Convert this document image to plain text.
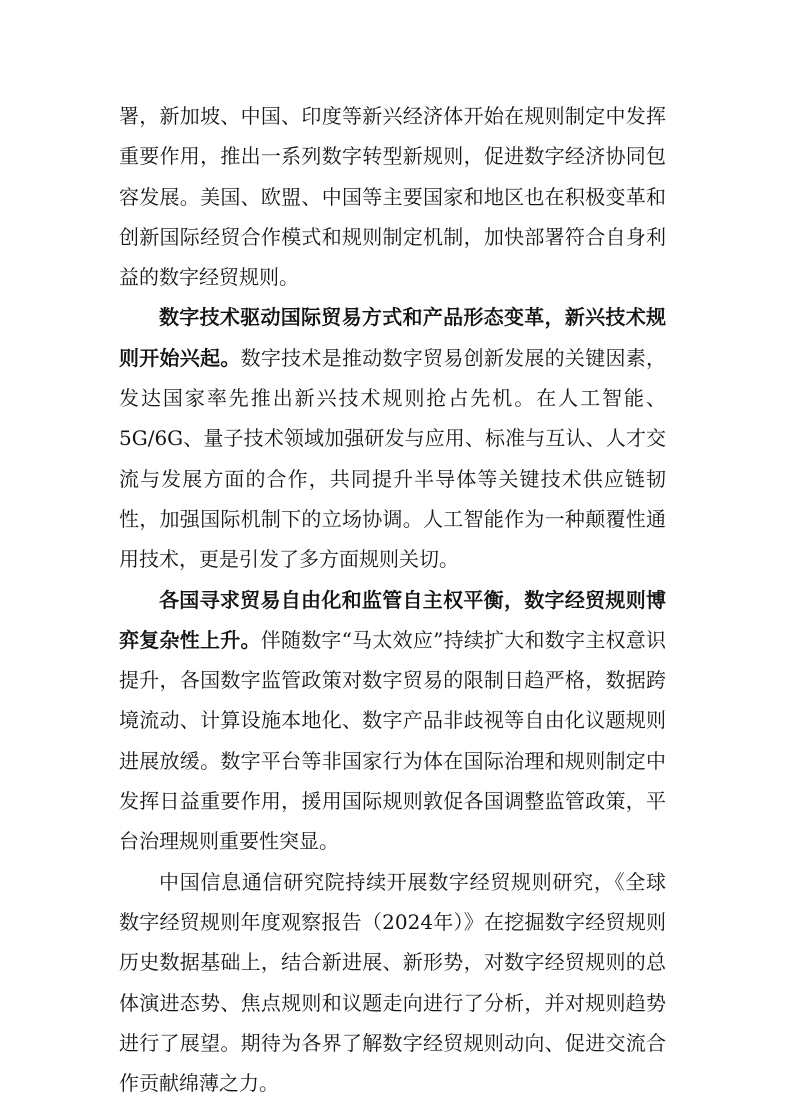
署，新加坡、中国、印度等新兴经济体开始在规则制定中发挥重要作用，推出一系列数字转型新规则，促进数字经济协同包容发展。美国、欧盟、中国等主要国家和地区也在积极变革和创新国际经贸合作模式和规则制定机制，加快部署符合自身利益的数字经贸规则。

数字技术驱动国际贸易方式和产品形态变革，新兴技术规则开始兴起。数字技术是推动数字贸易创新发展的关键因素，发达国家率先推出新兴技术规则抢占先机。在人工智能、5G/6G、量子技术领域加强研发与应用、标准与互认、人才交流与发展方面的合作，共同提升半导体等关键技术供应链韧性，加强国际机制下的立场协调。人工智能作为一种颠覆性通用技术，更是引发了多方面规则关切。

各国寻求贸易自由化和监管自主权平衡，数字经贸规则博弈复杂性上升。伴随数字“马太效应”持续扩大和数字主权意识提升，各国数字监管政策对数字贸易的限制日趋严格，数据跨境流动、计算设施本地化、数字产品非歧视等自由化议题规则进展放缓。数字平台等非国家行为体在国际治理和规则制定中发挥日益重要作用，援用国际规则敦促各国调整监管政策，平台治理规则重要性突显。

中国信息通信研究院持续开展数字经贸规则研究，《全球数字经贸规则年度观察报告（2024年）》在挖掘数字经贸规则历史数据基础上，结合新进展、新形势，对数字经贸规则的总体演进态势、焦点规则和议题走向进行了分析，并对规则趋势进行了展望。期待为各界了解数字经贸规则动向、促进交流合作贡献绵薄之力。
